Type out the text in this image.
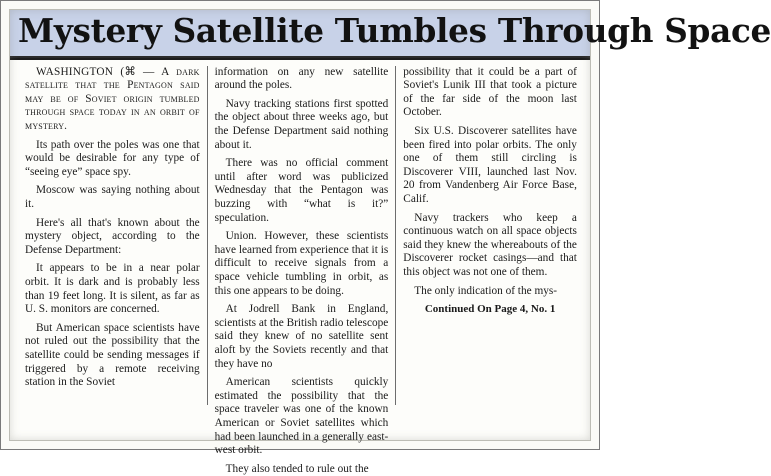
Mystery Satellite Tumbles Through Space

WASHINGTON (⌘ — A dark satellite that the Pentagon said may be of Soviet origin tumbled through space today in an orbit of mystery.

Its path over the poles was one that would be desirable for any type of “seeing eye” space spy.

Moscow was saying nothing about it.

Here's all that's known about the mystery object, according to the Defense Department:

It appears to be in a near polar orbit. It is dark and is probably less than 19 feet long. It is silent, as far as U. S. monitors are concerned.

But American space scientists have not ruled out the possibility that the satellite could be sending messages if triggered by a remote receiving station in the Soviet

information on any new satellite around the poles.

Navy tracking stations first spotted the object about three weeks ago, but the Defense Department said nothing about it.

There was no official comment until after word was publicized Wednesday that the Pentagon was buzzing with “what is it?” speculation.

Union. However, these scientists have learned from experience that it is difficult to receive signals from a space vehicle tumbling in orbit, as this one appears to be doing.

At Jodrell Bank in England, scientists at the British radio telescope said they knew of no satellite sent aloft by the Soviets recently and that they have no

American scientists quickly estimated the possibility that the space traveler was one of the known American or Soviet satellites which had been launched in a generally east-west orbit.

They also tended to rule out the

possibility that it could be a part of Soviet's Lunik III that took a picture of the far side of the moon last October.

Six U.S. Discoverer satellites have been fired into polar orbits. The only one of them still circling is Discoverer VIII, launched last Nov. 20 from Vandenberg Air Force Base, Calif.

Navy trackers who keep a continuous watch on all space objects said they knew the whereabouts of the Discoverer rocket casings—and that this object was not one of them.

The only indication of the mys-

Continued On Page 4, No. 1
